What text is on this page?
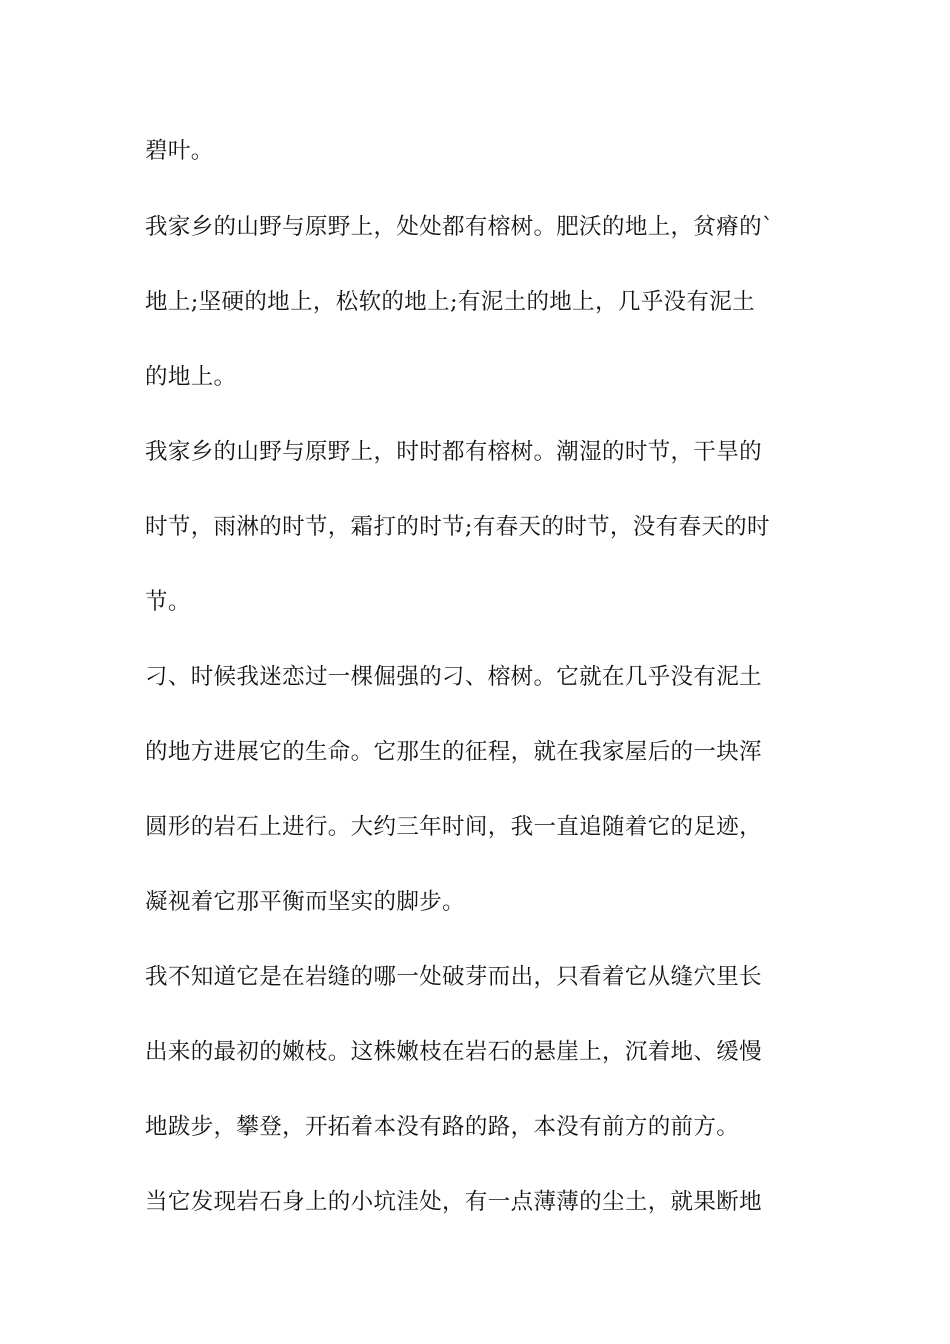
碧叶。
我家乡的山野与原野上，处处都有榕树。肥沃的地上，贫瘠的`
地上;坚硬的地上，松软的地上;有泥土的地上，几乎没有泥土
的地上。
我家乡的山野与原野上，时时都有榕树。潮湿的时节，干旱的
时节，雨淋的时节，霜打的时节;有春天的时节，没有春天的时
节。
刁、时候我迷恋过一棵倔强的刁、榕树。它就在几乎没有泥土
的地方进展它的生命。它那生的征程，就在我家屋后的一块浑
圆形的岩石上进行。大约三年时间，我一直追随着它的足迹，
凝视着它那平衡而坚实的脚步。
我不知道它是在岩缝的哪一处破芽而出，只看着它从缝穴里长
出来的最初的嫩枝。这株嫩枝在岩石的悬崖上，沉着地、缓慢
地跋步，攀登，开拓着本没有路的路，本没有前方的前方。
当它发现岩石身上的小坑洼处，有一点薄薄的尘土，就果断地
